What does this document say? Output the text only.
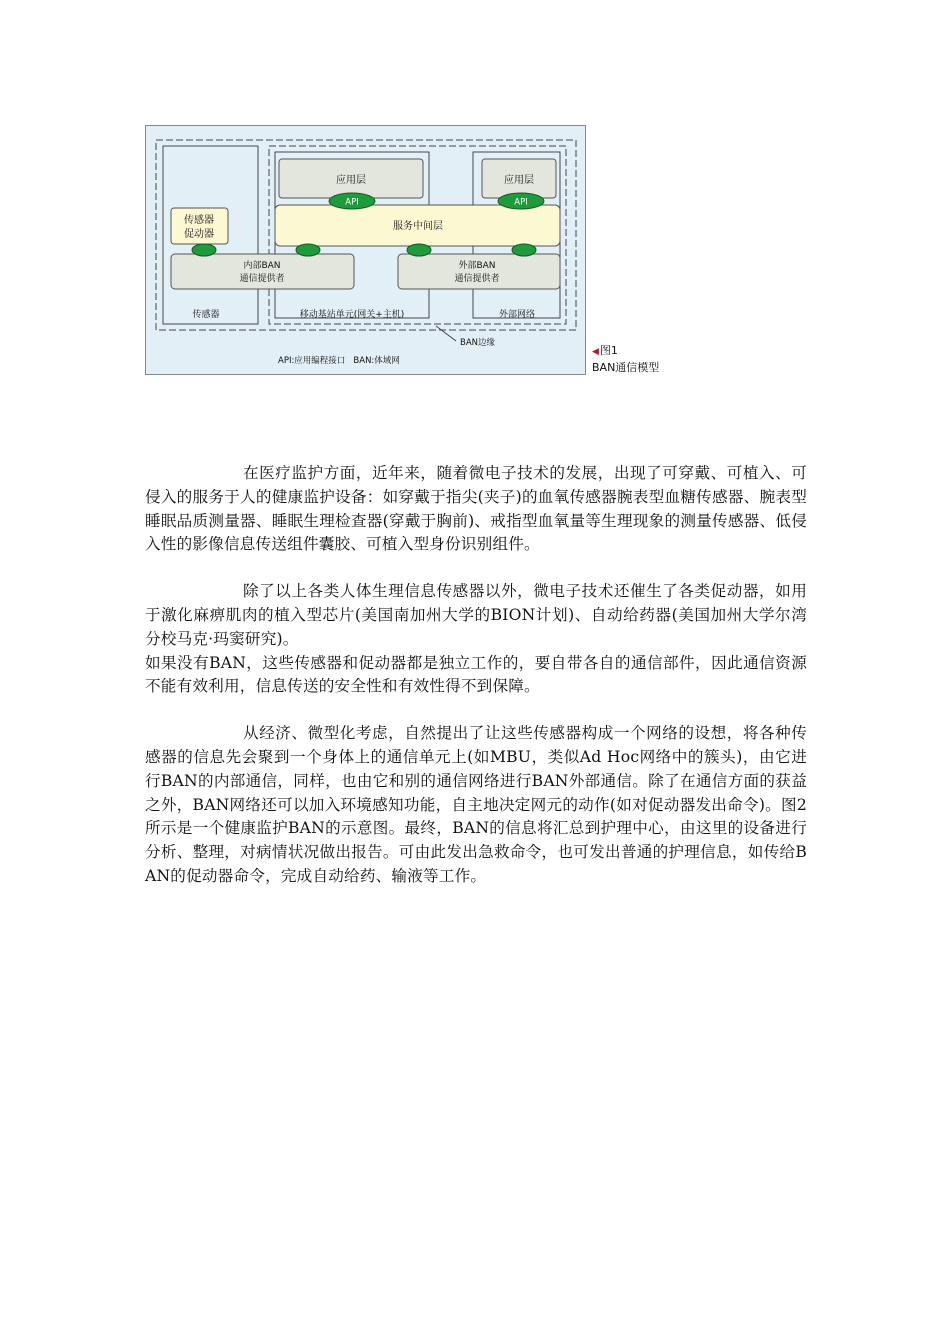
应用层	应用层
API	API
服务中间层
传感器
促动器
内部BAN
通信提供者
外部BAN
通信提供者
传感器	移动基站单元(网关+主机)	外部网络
BAN边缘
API:应用编程接口   BAN:体域网
◀图1
BAN通信模型

在医疗监护方面，近年来，随着微电子技术的发展，出现了可穿戴、可植入、可侵入的服务于人的健康监护设备：如穿戴于指尖(夹子)的血氧传感器腕表型血糖传感器、腕表型睡眠品质测量器、睡眠生理检查器(穿戴于胸前)、戒指型血氧量等生理现象的测量传感器、低侵入性的影像信息传送组件囊胶、可植入型身份识别组件。

除了以上各类人体生理信息传感器以外，微电子技术还催生了各类促动器，如用于激化麻痹肌肉的植入型芯片(美国南加州大学的BION计划)、自动给药器(美国加州大学尔湾分校马克·玛窦研究)。

如果没有BAN，这些传感器和促动器都是独立工作的，要自带各自的通信部件，因此通信资源不能有效利用，信息传送的安全性和有效性得不到保障。

从经济、微型化考虑，自然提出了让这些传感器构成一个网络的设想，将各种传感器的信息先会聚到一个身体上的通信单元上(如MBU，类似Ad Hoc网络中的簇头)，由它进行BAN的内部通信，同样，也由它和别的通信网络进行BAN外部通信。除了在通信方面的获益之外，BAN网络还可以加入环境感知功能，自主地决定网元的动作(如对促动器发出命令)。图2所示是一个健康监护BAN的示意图。最终，BAN的信息将汇总到护理中心，由这里的设备进行分析、整理，对病情状况做出报告。可由此发出急救命令，也可发出普通的护理信息，如传给BAN的促动器命令，完成自动给药、输液等工作。
